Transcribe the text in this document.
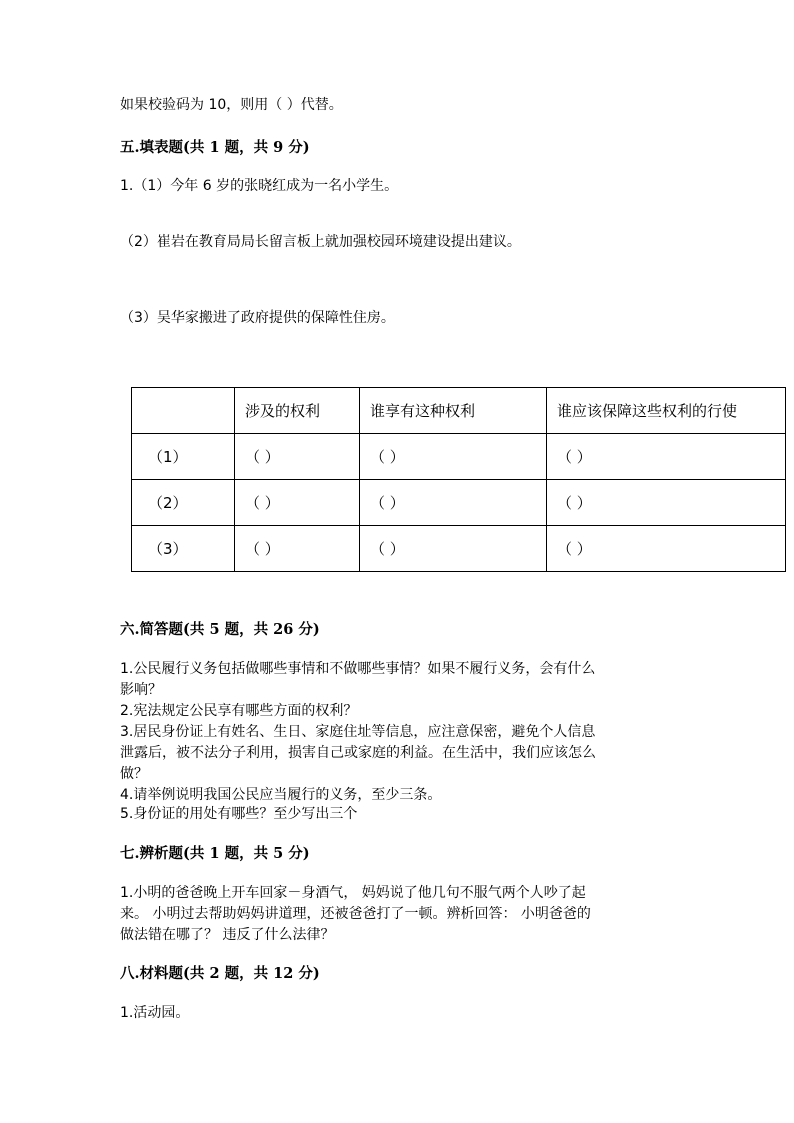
如果校验码为 10，则用（ ）代替。
五.填表题(共 1 题，共 9 分)
1.（1）今年 6 岁的张晓红成为一名小学生。
（2）崔岩在教育局局长留言板上就加强校园环境建设提出建议。
（3）吴华家搬进了政府提供的保障性住房。
	涉及的权利	谁享有这种权利	谁应该保障这些权利的行使
（1）	（ ）	（ ）	（ ）
（2）	（ ）	（ ）	（ ）
（3）	（ ）	（ ）	（ ）
六.简答题(共 5 题，共 26 分)
1.公民履行义务包括做哪些事情和不做哪些事情？如果不履行义务，会有什么
影响？
2.宪法规定公民享有哪些方面的权利？
3.居民身份证上有姓名、生日、家庭住址等信息，应注意保密，避免个人信息
泄露后，被不法分子利用，损害自己或家庭的利益。在生活中，我们应该怎么
做？
4.请举例说明我国公民应当履行的义务，至少三条。
5.身份证的用处有哪些？至少写出三个
七.辨析题(共 1 题，共 5 分)
1.小明的爸爸晚上开车回家－身酒气， 妈妈说了他几句不服气两个人吵了起
来。 小明过去帮助妈妈讲道理，还被爸爸打了一顿。辨析回答： 小明爸爸的
做法错在哪了？ 违反了什么法律？
八.材料题(共 2 题，共 12 分)
1.活动园。
